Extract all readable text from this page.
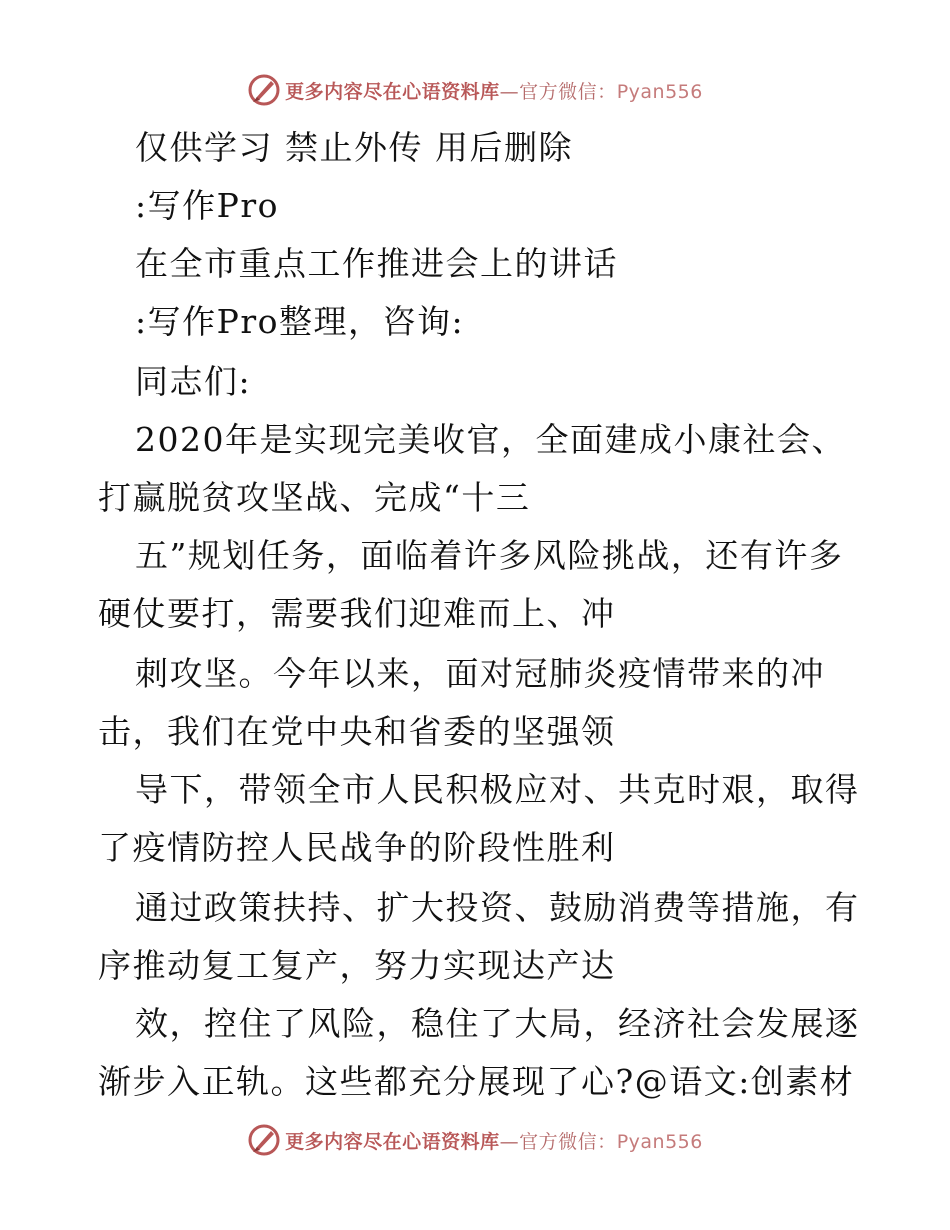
更多内容尽在心语资料库—官方微信：Pyan556
仅供学习 禁止外传 用后删除
:写作Pro
在全市重点工作推进会上的讲话
:写作Pro整理，咨询:
同志们:
2020年是实现完美收官，全面建成小康社会、
打赢脱贫攻坚战、完成“十三
五”规划任务，面临着许多风险挑战，还有许多
硬仗要打，需要我们迎难而上、冲
刺攻坚。今年以来，面对冠肺炎疫情带来的冲
击，我们在党中央和省委的坚强领
导下，带领全市人民积极应对、共克时艰，取得
了疫情防控人民战争的阶段性胜利
通过政策扶持、扩大投资、鼓励消费等措施，有
序推动复工复产，努力实现达产达
效，控住了风险，稳住了大局，经济社会发展逐
渐步入正轨。这些都充分展现了心?@语文:创素材
更多内容尽在心语资料库—官方微信：Pyan556
